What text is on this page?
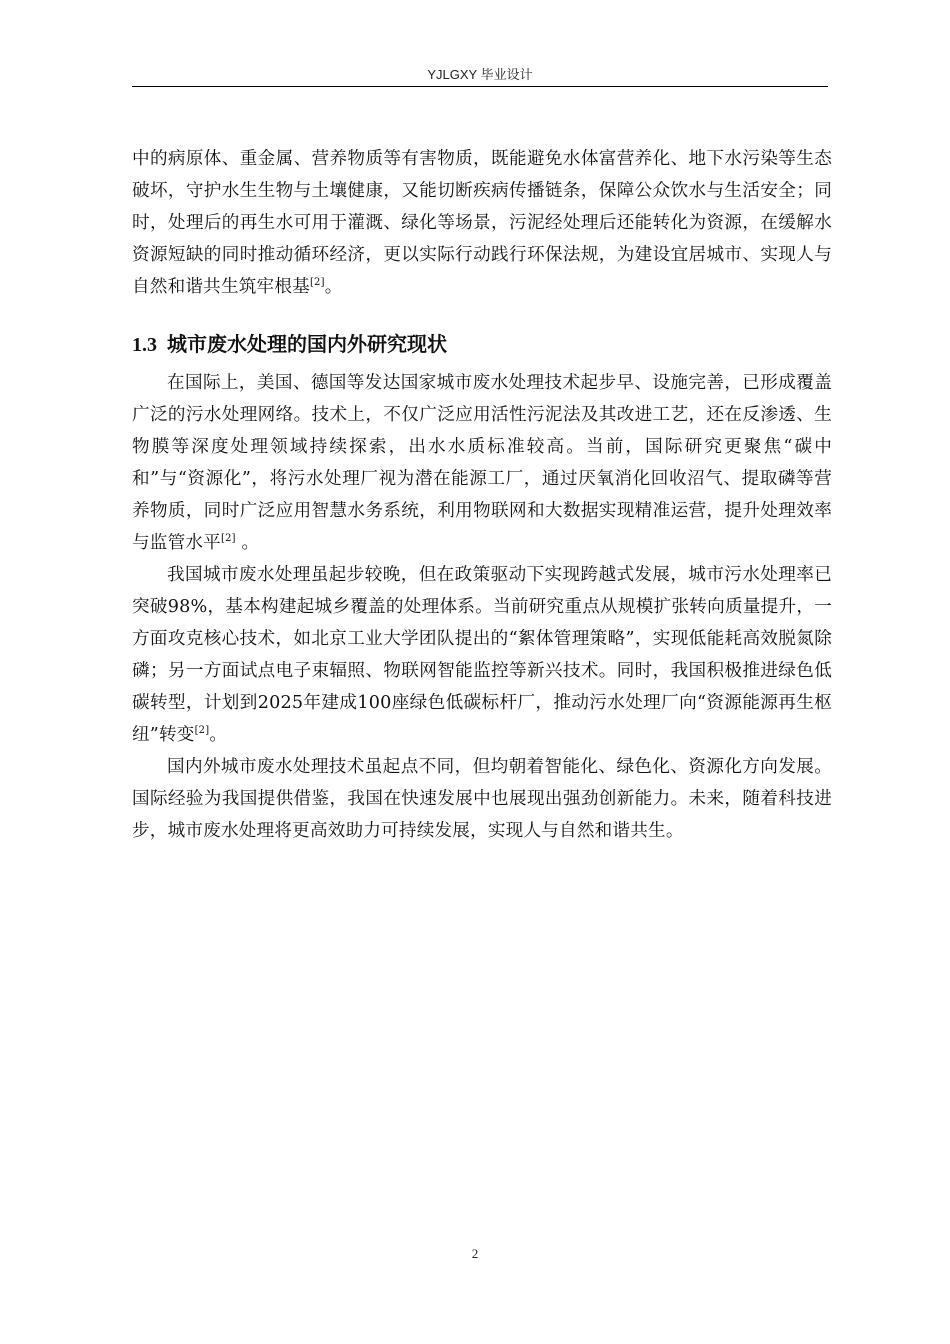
YJLGXY 毕业设计

中的病原体、重金属、营养物质等有害物质，既能避免水体富营养化、地下水污染等生态破坏，守护水生生物与土壤健康，又能切断疾病传播链条，保障公众饮水与生活安全；同时，处理后的再生水可用于灌溉、绿化等场景，污泥经处理后还能转化为资源，在缓解水资源短缺的同时推动循环经济，更以实际行动践行环保法规，为建设宜居城市、实现人与自然和谐共生筑牢根基[2]。

1.3 城市废水处理的国内外研究现状

在国际上，美国、德国等发达国家城市废水处理技术起步早、设施完善，已形成覆盖广泛的污水处理网络。技术上，不仅广泛应用活性污泥法及其改进工艺，还在反渗透、生物膜等深度处理领域持续探索，出水水质标准较高。当前，国际研究更聚焦“碳中和”与“资源化”，将污水处理厂视为潜在能源工厂，通过厌氧消化回收沼气、提取磷等营养物质，同时广泛应用智慧水务系统，利用物联网和大数据实现精准运营，提升处理效率与监管水平[2] 。

我国城市废水处理虽起步较晚，但在政策驱动下实现跨越式发展，城市污水处理率已突破98%，基本构建起城乡覆盖的处理体系。当前研究重点从规模扩张转向质量提升，一方面攻克核心技术，如北京工业大学团队提出的“絮体管理策略”，实现低能耗高效脱氮除磷；另一方面试点电子束辐照、物联网智能监控等新兴技术。同时，我国积极推进绿色低碳转型，计划到2025年建成100座绿色低碳标杆厂，推动污水处理厂向“资源能源再生枢纽”转变[2]。

国内外城市废水处理技术虽起点不同，但均朝着智能化、绿色化、资源化方向发展。国际经验为我国提供借鉴，我国在快速发展中也展现出强劲创新能力。未来，随着科技进步，城市废水处理将更高效助力可持续发展，实现人与自然和谐共生。

2
